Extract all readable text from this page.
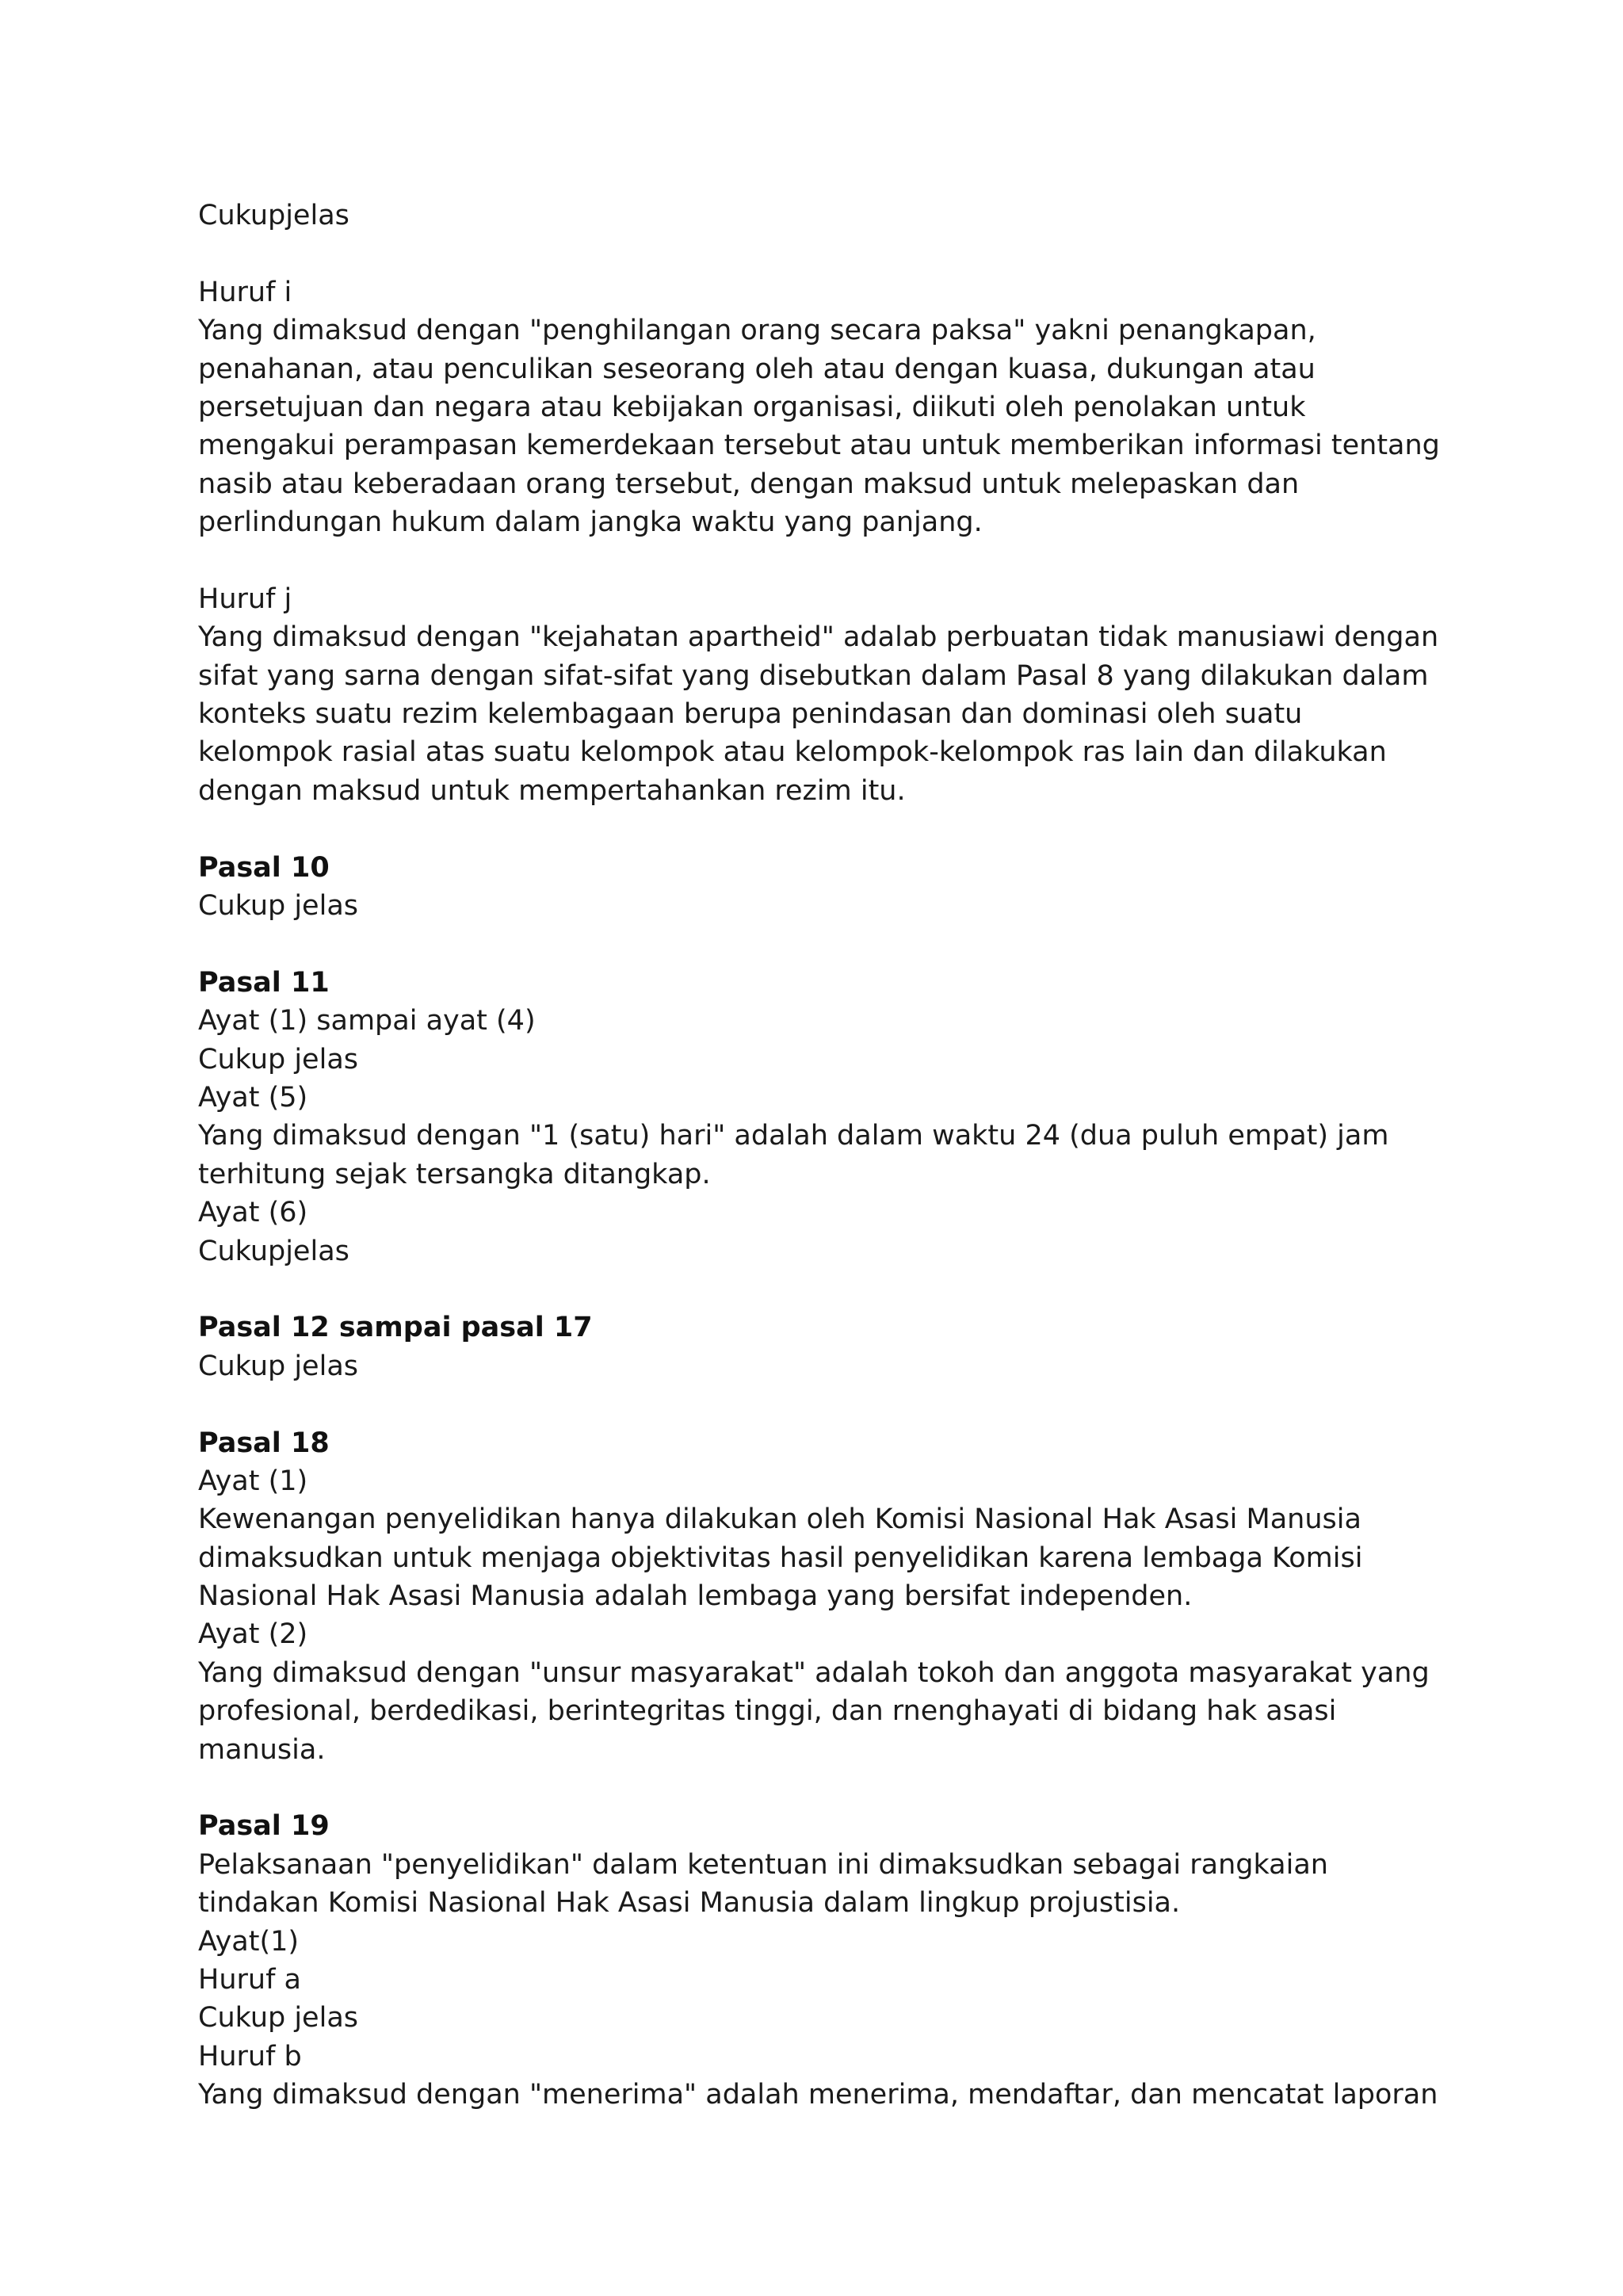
Cukupjelas
Huruf i
Yang dimaksud dengan "penghilangan orang secara paksa" yakni penangkapan,
penahanan, atau penculikan seseorang oleh atau dengan kuasa, dukungan atau
persetujuan dan negara atau kebijakan organisasi, diikuti oleh penolakan untuk
mengakui perampasan kemerdekaan tersebut atau untuk memberikan informasi tentang
nasib atau keberadaan orang tersebut, dengan maksud untuk melepaskan dan
perlindungan hukum dalam jangka waktu yang panjang.
Huruf j
Yang dimaksud dengan "kejahatan apartheid" adalab perbuatan tidak manusiawi dengan
sifat yang sarna dengan sifat-sifat yang disebutkan dalam Pasal 8 yang dilakukan dalam
konteks suatu rezim kelembagaan berupa penindasan dan dominasi oleh suatu
kelompok rasial atas suatu kelompok atau kelompok-kelompok ras lain dan dilakukan
dengan maksud untuk mempertahankan rezim itu.
Pasal 10
Cukup jelas
Pasal 11
Ayat (1) sampai ayat (4)
Cukup jelas
Ayat (5)
Yang dimaksud dengan "1 (satu) hari" adalah dalam waktu 24 (dua puluh empat) jam
terhitung sejak tersangka ditangkap.
Ayat (6)
Cukupjelas
Pasal 12 sampai pasal 17
Cukup jelas
Pasal 18
Ayat (1)
Kewenangan penyelidikan hanya dilakukan oleh Komisi Nasional Hak Asasi Manusia
dimaksudkan untuk menjaga objektivitas hasil penyelidikan karena lembaga Komisi
Nasional Hak Asasi Manusia adalah lembaga yang bersifat independen.
Ayat (2)
Yang dimaksud dengan "unsur masyarakat" adalah tokoh dan anggota masyarakat yang
profesional, berdedikasi, berintegritas tinggi, dan rnenghayati di bidang hak asasi
manusia.
Pasal 19
Pelaksanaan "penyelidikan" dalam ketentuan ini dimaksudkan sebagai rangkaian
tindakan Komisi Nasional Hak Asasi Manusia dalam lingkup projustisia.
Ayat(1)
Huruf a
Cukup jelas
Huruf b
Yang dimaksud dengan "menerima" adalah menerima, mendaftar, dan mencatat laporan
